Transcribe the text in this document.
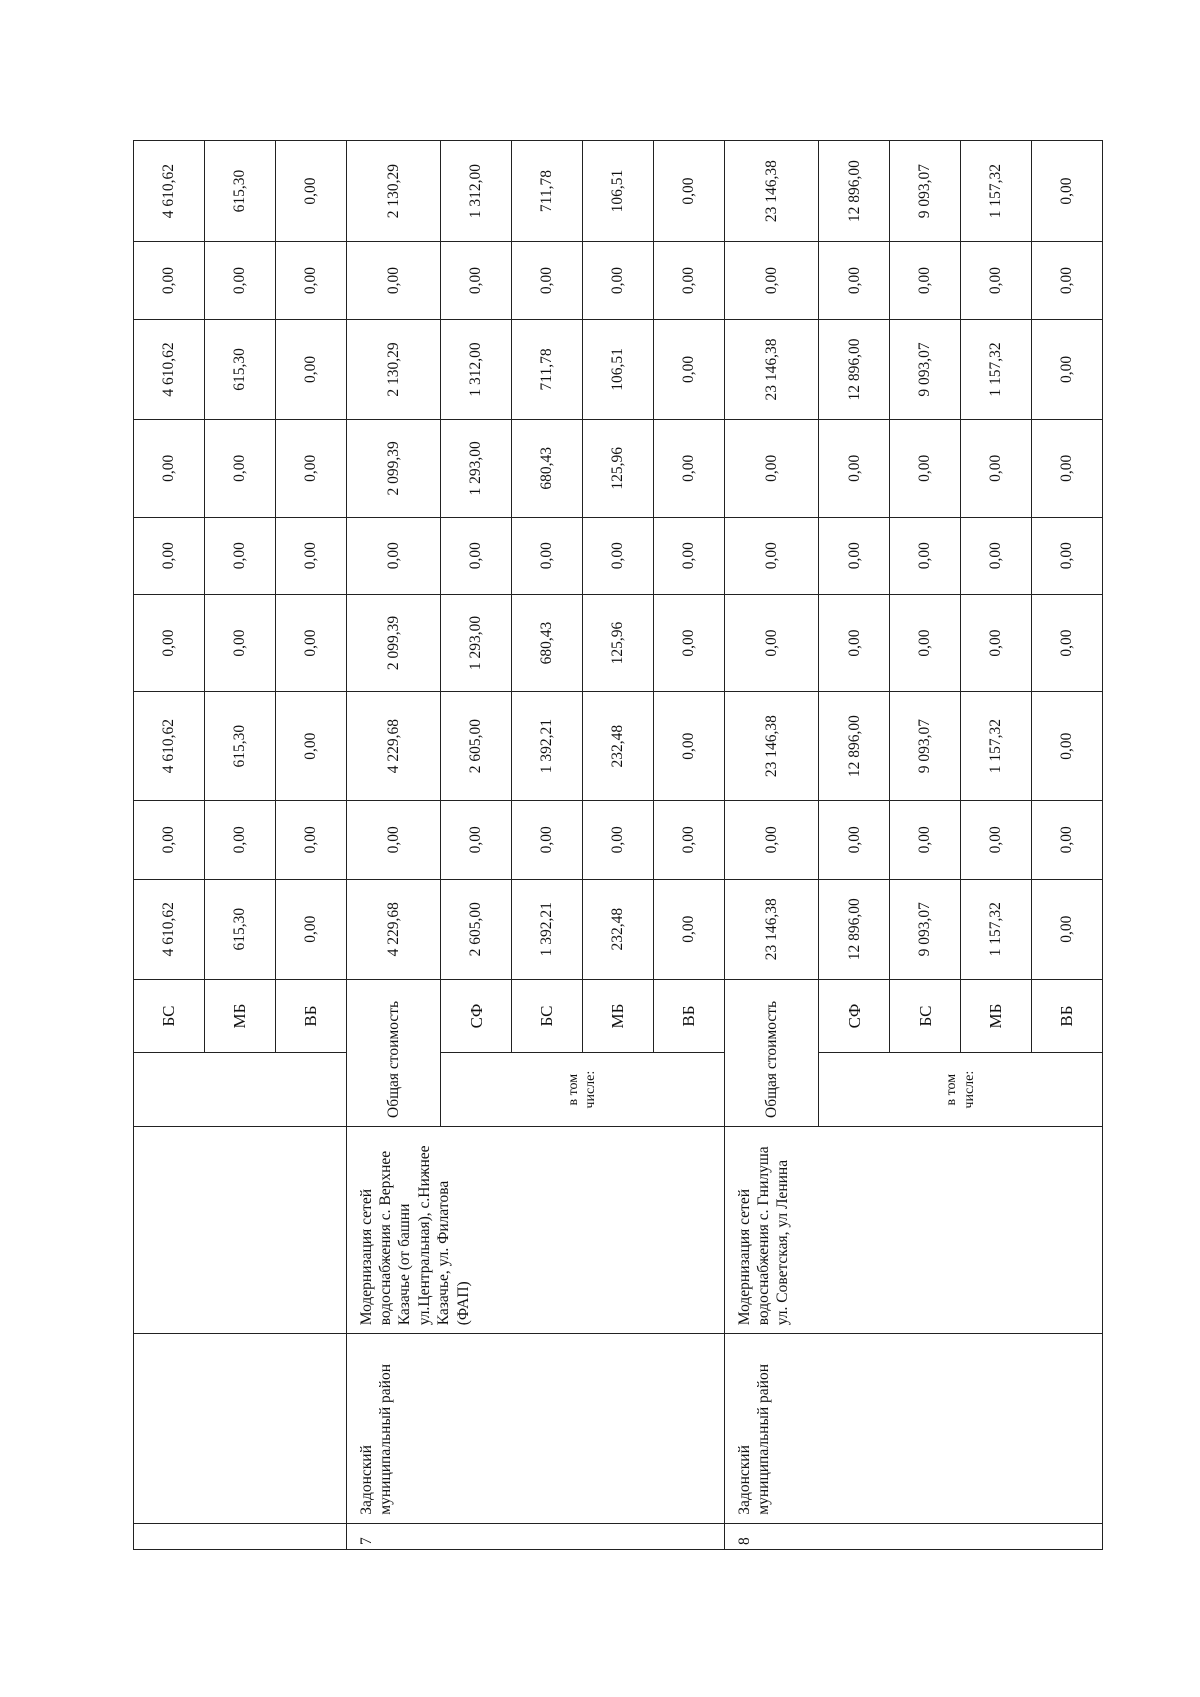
				БС	4 610,62	0,00	4 610,62	0,00	0,00	0,00	4 610,62	0,00	4 610,62
				МБ	615,30	0,00	615,30	0,00	0,00	0,00	615,30	0,00	615,30
				ВБ	0,00	0,00	0,00	0,00	0,00	0,00	0,00	0,00	0,00
7	Задонский муниципальный район	Модернизация сетей водоснабжения с. Верхнее Казачье (от башни ул.Центральная), с.Нижнее Казачье, ул. Филатова (ФАП)	Общая стоимость		4 229,68	0,00	4 229,68	2 099,39	0,00	2 099,39	2 130,29	0,00	2 130,29
			в том числе:	СФ	2 605,00	0,00	2 605,00	1 293,00	0,00	1 293,00	1 312,00	0,00	1 312,00
				БС	1 392,21	0,00	1 392,21	680,43	0,00	680,43	711,78	0,00	711,78
				МБ	232,48	0,00	232,48	125,96	0,00	125,96	106,51	0,00	106,51
				ВБ	0,00	0,00	0,00	0,00	0,00	0,00	0,00	0,00	0,00
8	Задонский муниципальный район	Модернизация сетей водоснабжения с. Гнилуша ул. Советская, ул Ленина	Общая стоимость		23 146,38	0,00	23 146,38	0,00	0,00	0,00	23 146,38	0,00	23 146,38
			в том числе:	СФ	12 896,00	0,00	12 896,00	0,00	0,00	0,00	12 896,00	0,00	12 896,00
				БС	9 093,07	0,00	9 093,07	0,00	0,00	0,00	9 093,07	0,00	9 093,07
				МБ	1 157,32	0,00	1 157,32	0,00	0,00	0,00	1 157,32	0,00	1 157,32
				ВБ	0,00	0,00	0,00	0,00	0,00	0,00	0,00	0,00	0,00
